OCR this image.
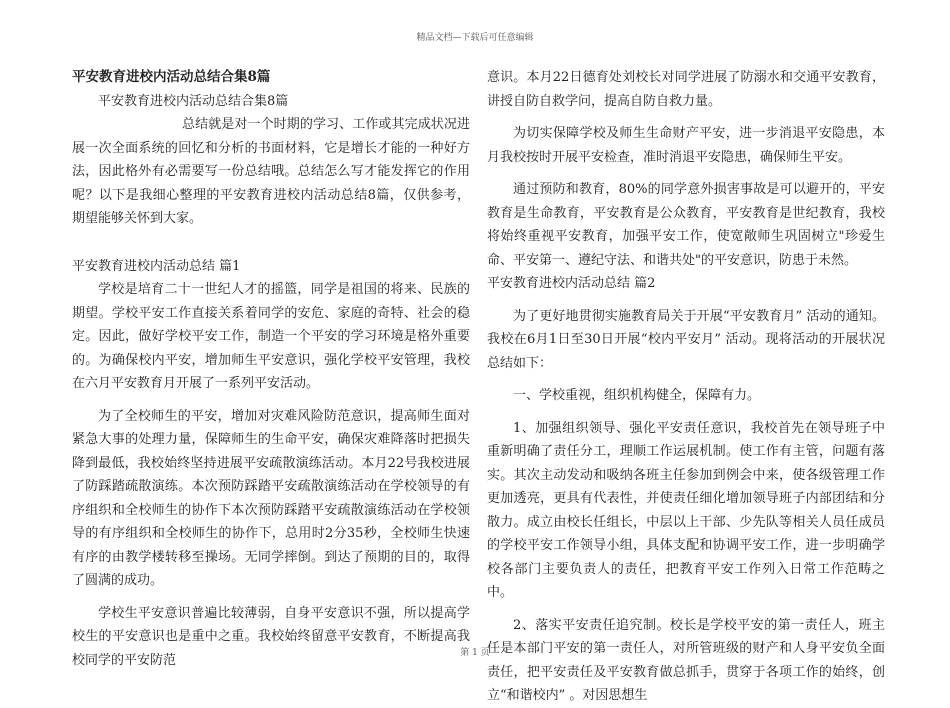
精品文档—下载后可任意编辑

平安教育进校内活动总结合集8篇

平安教育进校内活动总结合集8篇

总结就是对一个时期的学习、工作或其完成状况进展一次全面系统的回忆和分析的书面材料，它是增长才能的一种好方法，因此格外有必需要写一份总结哦。总结怎么写才能发挥它的作用呢？以下是我细心整理的平安教育进校内活动总结8篇，仅供参考，期望能够关怀到大家。

平安教育进校内活动总结 篇1

学校是培育二十一世纪人才的摇篮，同学是祖国的将来、民族的期望。学校平安工作直接关系着同学的安危、家庭的奇特、社会的稳定。因此，做好学校平安工作，制造一个平安的学习环境是格外重要的。为确保校内平安，增加师生平安意识，强化学校平安管理，我校在六月平安教育月开展了一系列平安活动。

为了全校师生的平安，增加对灾难风险防范意识，提高师生面对紧急大事的处理力量，保障师生的生命平安，确保灾难降落时把损失降到最低，我校始终坚持进展平安疏散演练活动。本月22号我校进展了防踩踏疏散演练。本次预防踩踏平安疏散演练活动在学校领导的有序组织和全校师生的协作下本次预防踩踏平安疏散演练活动在学校领导的有序组织和全校师生的协作下，总用时2分35秒，全校师生快速有序的由教学楼转移至操场。无同学摔倒。到达了预期的目的，取得了圆满的成功。

学校生平安意识普遍比较薄弱，自身平安意识不强，所以提高学校生的平安意识也是重中之重。我校始终留意平安教育，不断提高我校同学的平安防范

意识。本月22日德育处刘校长对同学进展了防溺水和交通平安教育，讲授自防自救学问，提高自防自救力量。

为切实保障学校及师生生命财产平安，进一步消退平安隐患，本月我校按时开展平安检查，准时消退平安隐患，确保师生平安。

通过预防和教育，80%的同学意外损害事故是可以避开的，平安教育是生命教育，平安教育是公众教育，平安教育是世纪教育，我校将始终重视平安教育，加强平安工作，使宽敞师生巩固树立"珍爱生命、平安第一、遵纪守法、和谐共处"的平安意识，防患于未然。

平安教育进校内活动总结 篇2

为了更好地贯彻实施教育局关于开展“平安教育月” 活动的通知。我校在6月1日至30日开展“校内平安月” 活动。现将活动的开展状况总结如下：

一、学校重视，组织机构健全，保障有力。

1、加强组织领导、强化平安责任意识，我校首先在领导班子中重新明确了责任分工，理顺工作运展机制。使工作有主管，问题有落实。其次主动发动和吸纳各班主任参加到例会中来，使各级管理工作更加透亮，更具有代表性，并使责任细化增加领导班子内部团结和分散力。成立由校长任组长，中层以上干部、少先队等相关人员任成员的学校平安工作领导小组，具体支配和协调平安工作，进一步明确学校各部门主要负责人的责任，把教育平安工作列入日常工作范畴之中。

2、落实平安责任追究制。校长是学校平安的第一责任人，班主任是本部门平安的第一责任人，对所管班级的财产和人身平安负全面责任，把平安责任及平安教育做总抓手，贯穿于各项工作的始终，创立“和谐校内” 。对因思想生

第 1 页
